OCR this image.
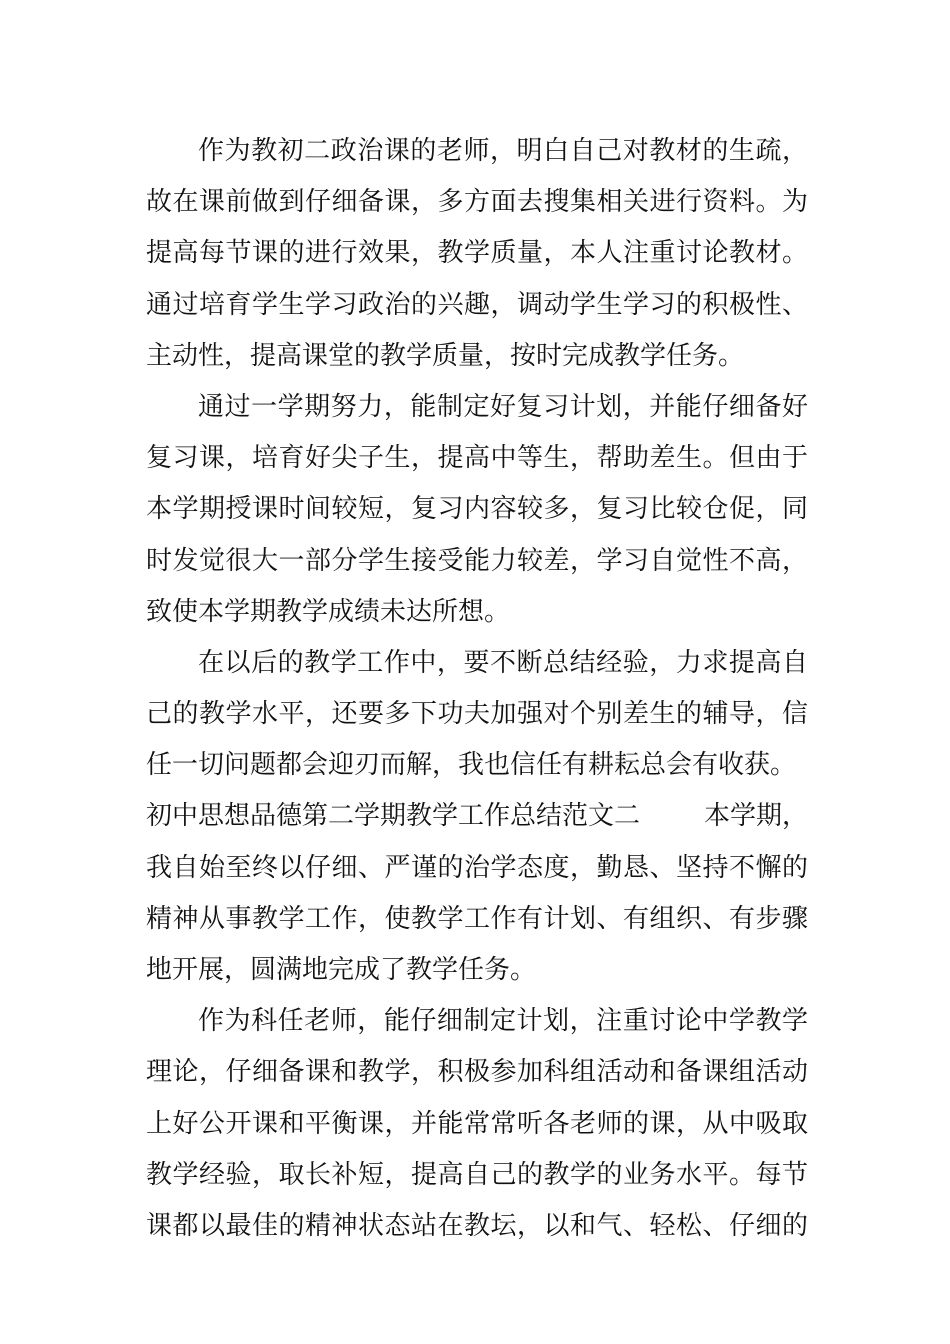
作为教初二政治课的老师，明白自己对教材的生疏，
故在课前做到仔细备课，多方面去搜集相关进行资料。为
提高每节课的进行效果，教学质量，本人注重讨论教材。
通过培育学生学习政治的兴趣，调动学生学习的积极性、
主动性，提高课堂的教学质量，按时完成教学任务。
通过一学期努力，能制定好复习计划，并能仔细备好
复习课，培育好尖子生，提高中等生，帮助差生。但由于
本学期授课时间较短，复习内容较多，复习比较仓促，同
时发觉很大一部分学生接受能力较差，学习自觉性不高，
致使本学期教学成绩未达所想。
在以后的教学工作中，要不断总结经验，力求提高自
己的教学水平，还要多下功夫加强对个别差生的辅导，信
任一切问题都会迎刃而解，我也信任有耕耘总会有收获。
初中思想品德第二学期教学工作总结范文二 本学期，
我自始至终以仔细、严谨的治学态度，勤恳、坚持不懈的
精神从事教学工作，使教学工作有计划、有组织、有步骤
地开展，圆满地完成了教学任务。
作为科任老师，能仔细制定计划，注重讨论中学教学
理论，仔细备课和教学，积极参加科组活动和备课组活动
上好公开课和平衡课，并能常常听各老师的课，从中吸取
教学经验，取长补短，提高自己的教学的业务水平。每节
课都以最佳的精神状态站在教坛，以和气、轻松、仔细的
